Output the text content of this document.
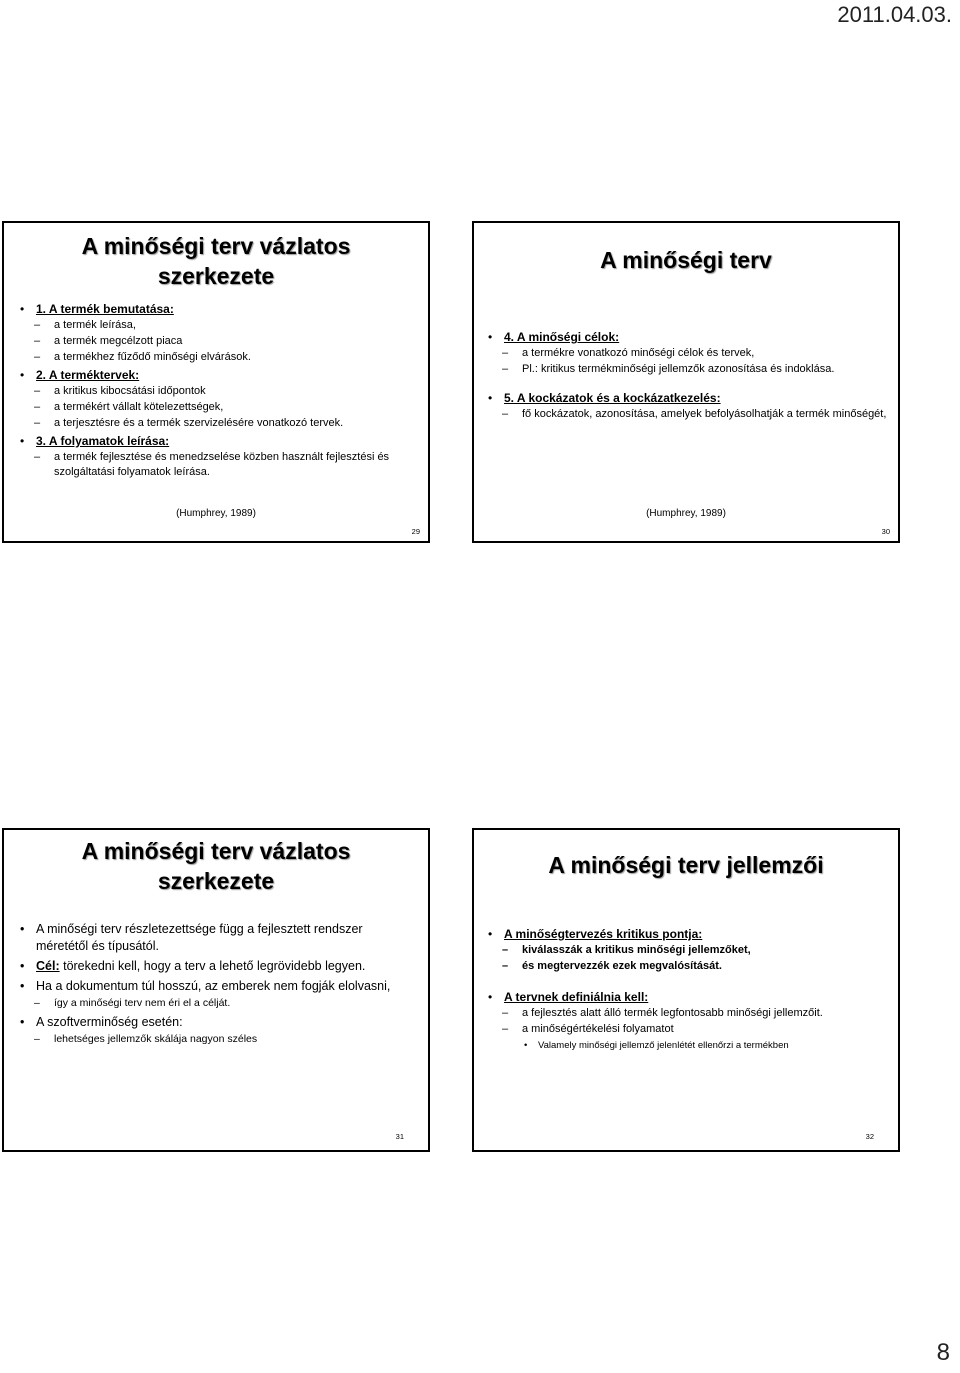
2011.04.03.
A minőségi terv vázlatos
szerkezete
• 1. A termék bemutatása:
– a termék leírása,
– a termék megcélzott piaca
– a termékhez fűződő minőségi elvárások.
• 2. A terméktervek:
– a kritikus kibocsátási időpontok
– a termékért vállalt kötelezettségek,
– a terjesztésre és a termék szervizelésére vonatkozó tervek.
• 3. A folyamatok leírása:
– a termék fejlesztése és menedzselése közben használt fejlesztési és szolgáltatási folyamatok leírása.
(Humphrey, 1989)
29
A minőségi terv
• 4. A minőségi célok:
– a termékre vonatkozó minőségi célok és tervek,
– Pl.: kritikus termékminőségi jellemzők azonosítása és indoklása.
• 5. A kockázatok és a kockázatkezelés:
– fő kockázatok, azonosítása, amelyek befolyásolhatják a termék minőségét,
(Humphrey, 1989)
30
A minőségi terv vázlatos
szerkezete
• A minőségi terv részletezettsége függ a fejlesztett rendszer méretétől és típusától.
• Cél: törekedni kell, hogy a terv a lehető legrövidebb legyen.
• Ha a dokumentum túl hosszú, az emberek nem fogják elolvasni,
– így a minőségi terv nem éri el a célját.
• A szoftverminőség esetén:
– lehetséges jellemzők skálája nagyon széles
31
A minőségi terv jellemzői
• A minőségtervezés kritikus pontja:
– kiválasszák a kritikus minőségi jellemzőket,
– és megtervezzék ezek megvalósítását.
• A tervnek definiálnia kell:
– a fejlesztés alatt álló termék legfontosabb minőségi jellemzőit.
– a minőségértékelési folyamatot
• Valamely minőségi jellemző jelenlétét ellenőrzi a termékben
32
8
